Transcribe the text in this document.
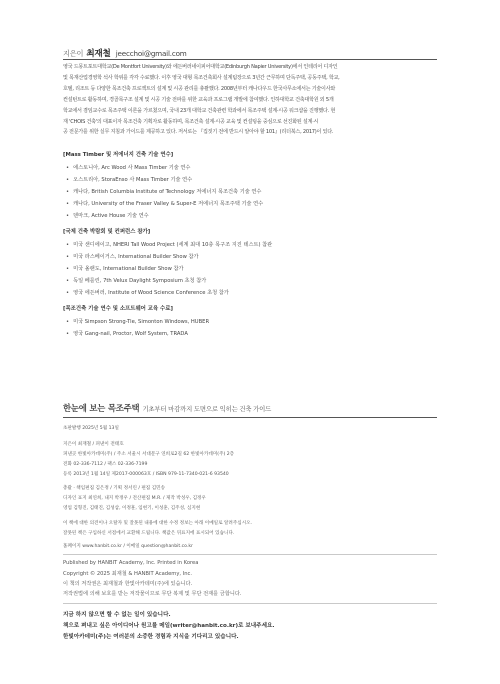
지은이 최재철 jeecchoi@gmail.com
영국 드몽트포트대학교(De Montfort University)와 에든버러네이피어대학교(Edinburgh Napier University)에서 인테리어 디자인
및 목재산업경영학 석사 학위를 각각 수료했다. 이후 영국 대형 목조건축회사 설계팀장으로 3년간 근무하며 단독주택, 공동주택, 학교,
호텔, 리조트 등 다양한 목조건축 프로젝트의 설계 및 시공 관리를 총괄했다. 2008년부터 캐나다우드 한국사무소에서는 기술이사와
컨설턴트로 활동하며, 경골목구조 설계 및 시공 기술 전파를 위한 교육과 프로그램 개발에 참여했다. 인하대학교 건축대학원 외 5개
학교에서 겸임교수로 목조주택 이론을 가르쳤으며, 국내 23개 대학교 건축관련 학과에서 목조주택 설계·시공 워크샵을 진행했다. 현
재 'CHOIS 건축'의 대표이자 목조건축 기획자로 활동하며, 목조건축 설계·시공 교육 및 컨설팅을 중심으로 선진화된 설계·시
공 전문가를 위한 실무 지침과 가이드를 제공하고 있다. 저서로는 『집짓기 전에 반드시 알아야 할 101』(리더북스, 2017)이 있다.
[Mass Timber 및 저에너지 건축 기술 연수]
• 에스토니아, Arc Wood 사 Mass Timber 기술 연수
• 오스트리아, StoraEnso 사 Mass Timber 기술 연수
• 캐나다, British Columbia Institute of Technology 저에너지 목조건축 기술 연수
• 캐나다, University of the Fraser Valley & Super-E 저에너지 목조주택 기술 연수
• 덴마크, Active House 기술 연수
[국제 건축 박람회 및 컨퍼런스 참가]
• 미국 샌디에이고, NHERI Tall Wood Project (세계 최대 10층 목구조 지진 테스트) 참관
• 미국 라스베이거스, International Builder Show 참가
• 미국 올랜도, International Builder Show 참가
• 독일 베를린, 7th Velux Daylight Symposium 초청 참가
• 영국 에든버러, Institute of Wood Science Conference 초청 참가
[목조건축 기술 연수 및 소프트웨어 교육 수료]
• 미국 Simpson Strong-Tie, Simonton Windows, HUBER
• 영국 Gang-nail, Proctor, Wolf System, TRADA
한눈에 보는 목조주택 기초부터 마감까지 도면으로 익히는 건축 가이드
초판발행 2025년 5월 13일
지은이 최재철 / 펴낸이 전태호
펴낸곳 한빛아카데미(주) / 주소 서울시 서대문구 연희로2길 62 한빛아카데미(주) 2층
전화 02-336-7112 / 팩스 02-336-7199
등록 2013년 1월 14일 제2017-000063호 / ISBN 979-11-7340-021-6 93540
총괄 · 책임편집 김은정 / 기획 정서린 / 편집 김민송
디자인 표지 최연희, 내지 박정우 / 전산편집 M.R. / 제작 박성우, 김정우
영업 김형진, 김태진, 김성삼, 이정훈, 임현기, 이성훈, 김주성, 심지현
이 책에 대한 의견이나 오탈자 및 잘못된 내용에 대한 수정 정보는 아래 이메일로 알려주십시오.
잘못된 책은 구입하신 서점에서 교환해 드립니다. 책값은 뒤표지에 표시되어 있습니다.
홈페이지 www.hanbit.co.kr / 이메일 question@hanbit.co.kr
Published by HANBIT Academy, Inc. Printed in Korea
Copyright © 2025 최재철 & HANBIT Academy, Inc.
이 책의 저작권은 최재철과 한빛아카데미(주)에 있습니다.
저작권법에 의해 보호를 받는 저작물이므로 무단 복제 및 무단 전재를 금합니다.
지금 하지 않으면 할 수 없는 일이 있습니다.
책으로 펴내고 싶은 아이디어나 원고를 메일(writer@hanbit.co.kr)로 보내주세요.
한빛아카데미(주)는 여러분의 소중한 경험과 지식을 기다리고 있습니다.
